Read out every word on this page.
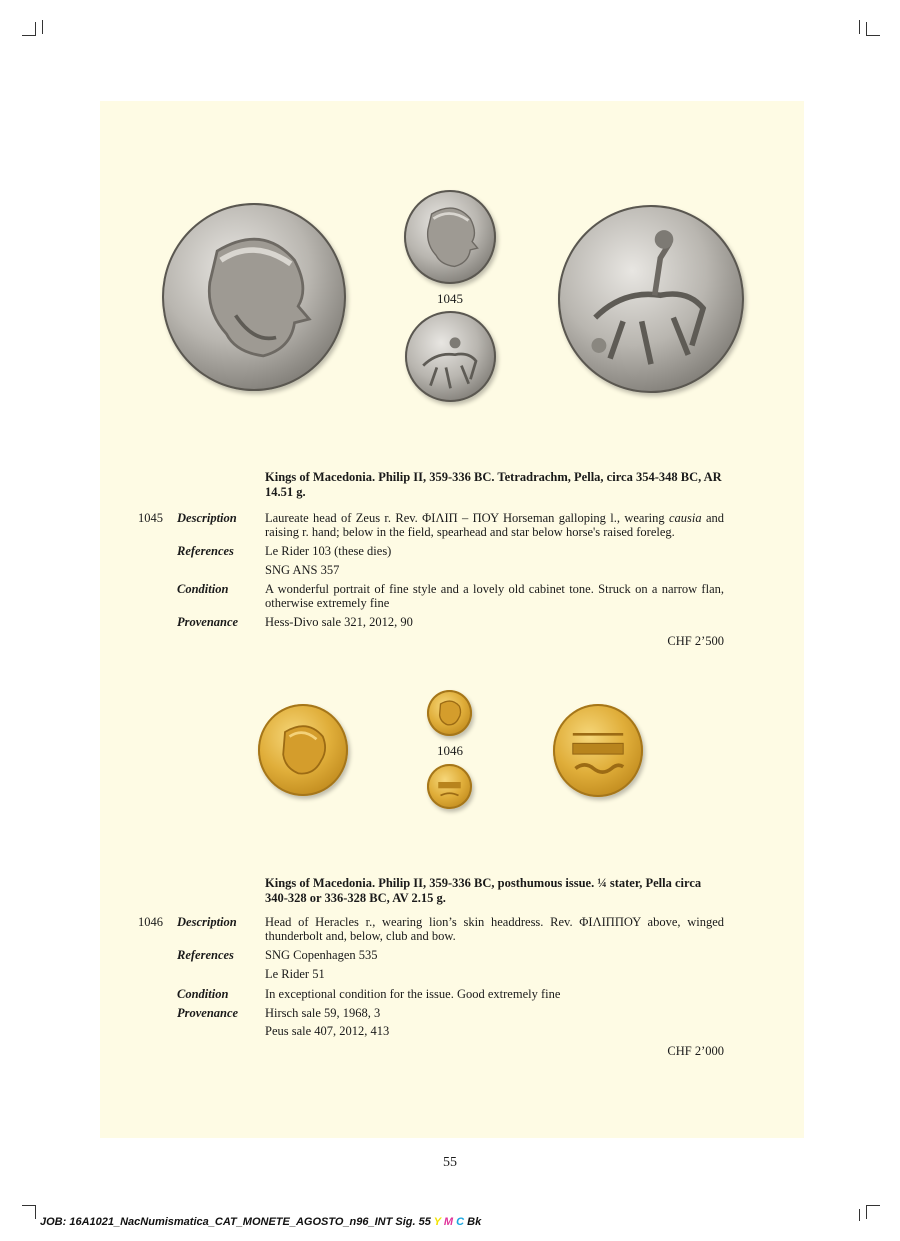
1045
Kings of Macedonia. Philip II, 359-336 BC. Tetradrachm, Pella, circa 354-348 BC, AR 14.51 g.
1045 Description Laureate head of Zeus r. Rev. ΦΙΛΙΠ – ΠΟΥ Horseman galloping l., wearing causia and raising r. hand; below in the field, spearhead and star below horse's raised foreleg.
References Le Rider 103 (these dies)
SNG ANS 357
Condition	A wonderful portrait of fine style and a lovely old cabinet tone. Struck on a narrow flan, otherwise extremely fine
Provenance Hess-Divo sale 321, 2012, 90
CHF 2’500
1046
Kings of Macedonia. Philip II, 359-336 BC, posthumous issue. ¼ stater, Pella circa 340-328 or 336-328 BC, AV 2.15 g.
1046 Description Head of Heracles r., wearing lion’s skin headdress. Rev. ΦΙΛΙΠΠΟΥ above, winged thunderbolt and, below, club and bow.
References SNG Copenhagen 535
Le Rider 51
Condition	In exceptional condition for the issue. Good extremely fine
Provenance Hirsch sale 59, 1968, 3
Peus sale 407, 2012, 413
CHF 2’000
55
JOB: 16A1021_NacNumismatica_CAT_MONETE_AGOSTO_n96_INT Sig. 55 Y M C Bk
